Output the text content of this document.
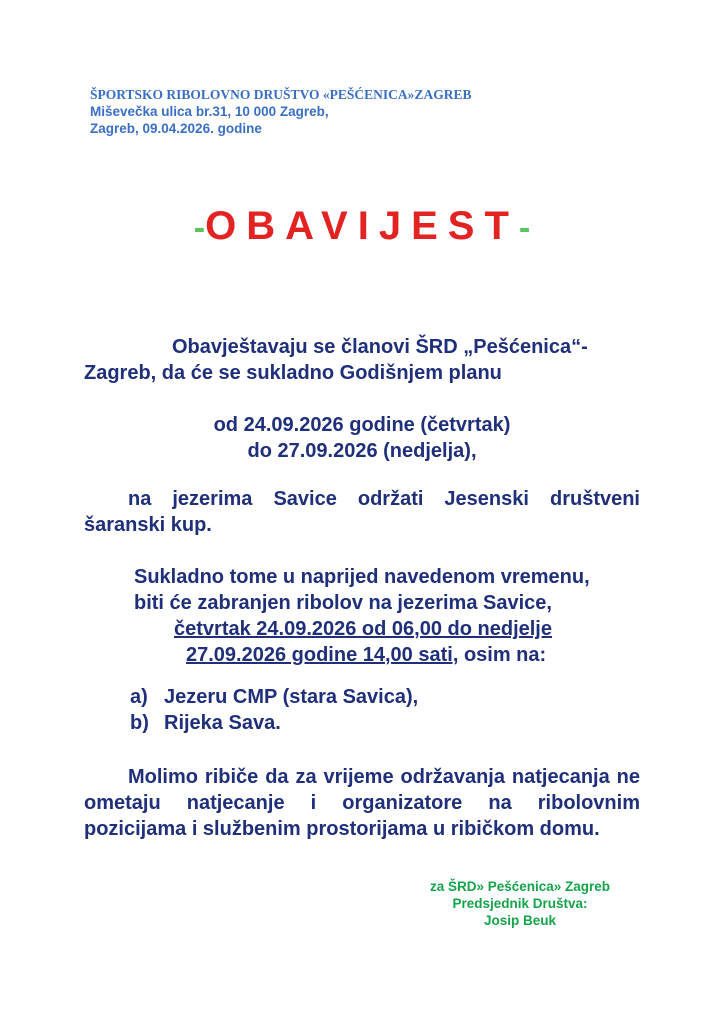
ŠPORTSKO RIBOLOVNO DRUŠTVO «PEŠĆENICA»ZAGREB
Miševečka ulica br.31, 10 000 Zagreb,
Zagreb, 09.04.2026. godine
-OBAVIJEST-
Obavještavaju se članovi ŠRD „Pešćenica“- Zagreb, da će se sukladno Godišnjem planu
od 24.09.2026 godine (četvrtak)
do 27.09.2026 (nedjelja),
na jezerima Savice održati Jesenski društveni šaranski kup.
Sukladno tome u naprijed navedenom vremenu,
biti će zabranjen ribolov na jezerima Savice,
četvrtak 24.09.2026 od 06,00 do nedjelje
27.09.2026 godine 14,00 sati, osim na:
a) Jezeru CMP (stara Savica),
b) Rijeka Sava.
Molimo ribiče da za vrijeme održavanja natjecanja ne ometaju natjecanje i organizatore na ribolovnim pozicijama i službenim prostorijama u ribičkom domu.
za ŠRD» Pešćenica» Zagreb
Predsjednik Društva:
Josip Beuk
